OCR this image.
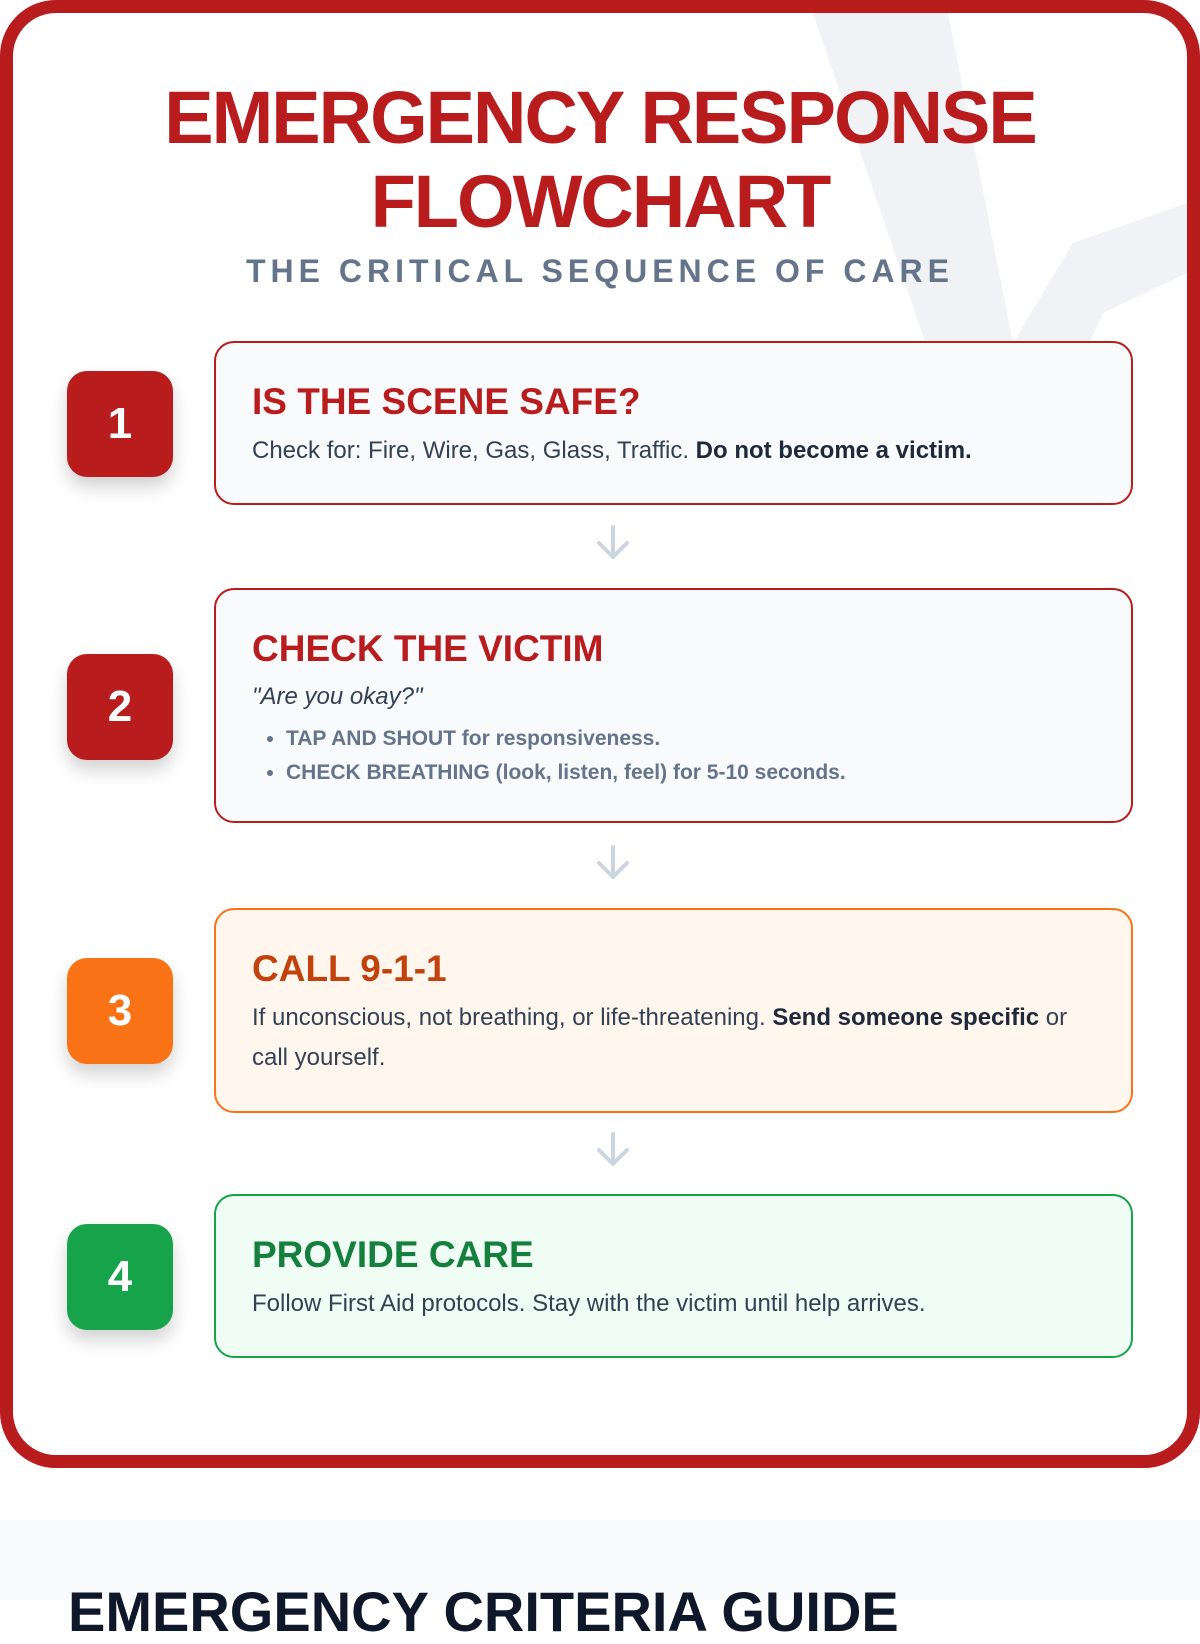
EMERGENCY RESPONSE
FLOWCHART
THE CRITICAL SEQUENCE OF CARE
1	IS THE SCENE SAFE?

Check for: Fire, Wire, Gas, Glass, Traffic. Do not become a victim.

2
CHECK THE VICTIM

"Are you okay?"

• TAP AND SHOUT for responsiveness.
• CHECK BREATHING (look, listen, feel) for 5-10 seconds.
3
CALL 9-1-1

If unconscious, not breathing, or life-threatening. Send someone specific or call yourself.

4	PROVIDE CARE

Follow First Aid protocols. Stay with the victim until help arrives.

EMERGENCY CRITERIA GUIDE
